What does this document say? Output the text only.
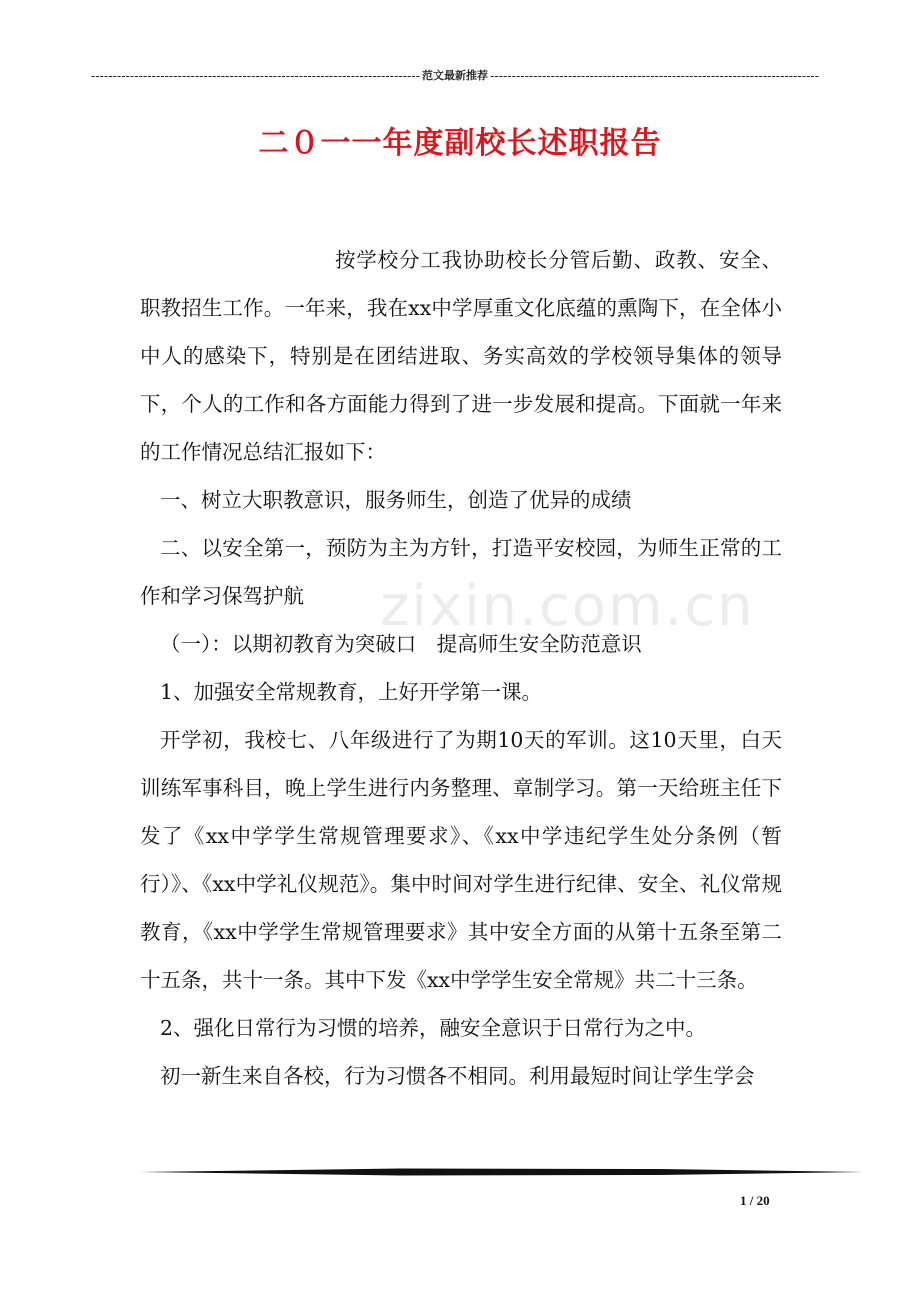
---------------------------------------------------------------------------- 范文最新推荐 ----------------------------------------------------------------------------
二０一一年度副校长述职报告
zixin.com.cn

按学校分工我协助校长分管后勤、政教、安全、职教招生工作。一年来，我在xx中学厚重文化底蕴的熏陶下，在全体小中人的感染下，特别是在团结进取、务实高效的学校领导集体的领导下，个人的工作和各方面能力得到了进一步发展和提高。下面就一年来的工作情况总结汇报如下：

一、树立大职教意识，服务师生，创造了优异的成绩

二、以安全第一，预防为主为方针，打造平安校园，为师生正常的工作和学习保驾护航

（一）：以期初教育为突破口　提高师生安全防范意识

1、加强安全常规教育，上好开学第一课。

开学初，我校七、八年级进行了为期10天的军训。这10天里，白天训练军事科目，晚上学生进行内务整理、章制学习。第一天给班主任下发了《xx中学学生常规管理要求》、《xx中学违纪学生处分条例（暂行）》、《xx中学礼仪规范》。集中时间对学生进行纪律、安全、礼仪常规教育，《xx中学学生常规管理要求》其中安全方面的从第十五条至第二十五条，共十一条。其中下发《xx中学学生安全常规》共二十三条。

2、强化日常行为习惯的培养，融安全意识于日常行为之中。

初一新生来自各校，行为习惯各不相同。利用最短时间让学生学会

1 / 20
